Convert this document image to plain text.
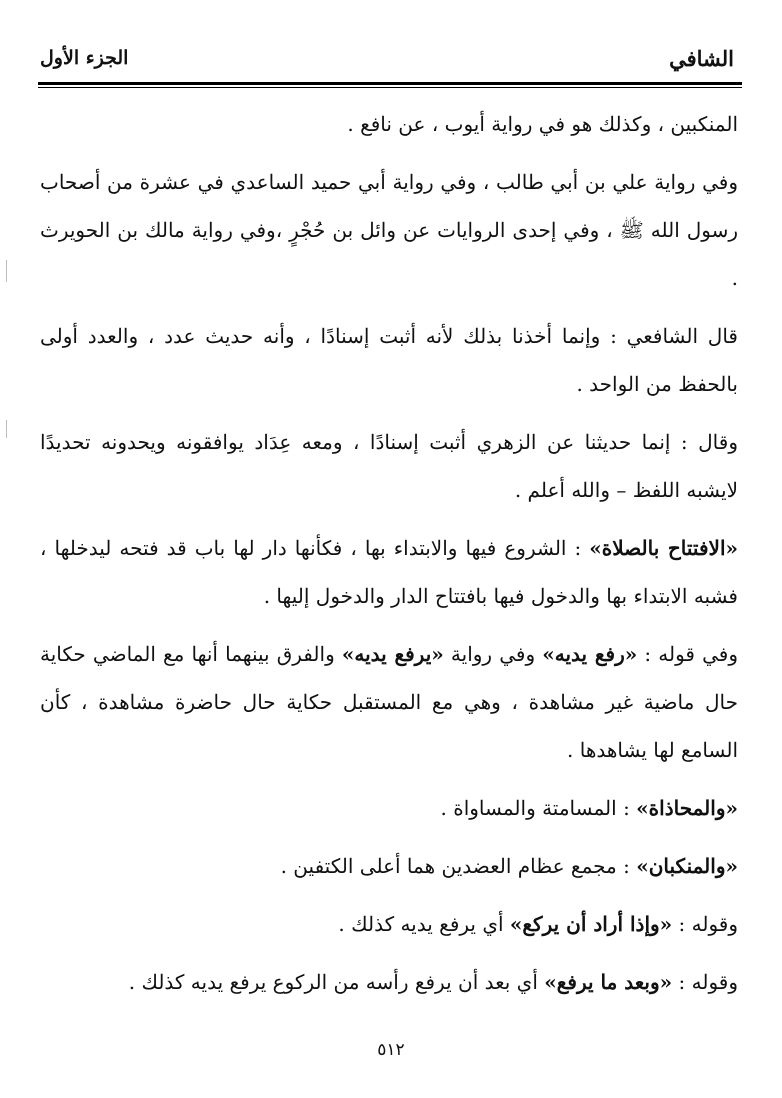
الشافي
الجزء الأول

المنكبين ، وكذلك هو في رواية أيوب ، عن نافع .

وفي رواية علي بن أبي طالب ، وفي رواية أبي حميد الساعدي في عشرة من أصحاب رسول الله ﷺ ، وفي إحدى الروايات عن وائل بن حُجْرٍ ،وفي رواية مالك بن الحويرث .

قال الشافعي : وإنما أخذنا بذلك لأنه أثبت إسنادًا ، وأنه حديث عدد ، والعدد أولى بالحفظ من الواحد .

وقال : إنما حديثنا عن الزهري أثبت إسنادًا ، ومعه عِدَاد يوافقونه ويحدونه تحديدًا لايشبه اللفظ – والله أعلم .

«الافتتاح بالصلاة» : الشروع فيها والابتداء بها ، فكأنها دار لها باب قد فتحه ليدخلها ، فشبه الابتداء بها والدخول فيها بافتتاح الدار والدخول إليها .

وفي قوله : «رفع يديه» وفي رواية «يرفع يديه» والفرق بينهما أنها مع الماضي حكاية حال ماضية غير مشاهدة ، وهي مع المستقبل حكاية حال حاضرة مشاهدة ، كأن السامع لها يشاهدها .

«والمحاذاة» : المسامتة والمساواة .

«والمنكبان» : مجمع عظام العضدين هما أعلى الكتفين .

وقوله : «وإذا أراد أن يركع» أي يرفع يديه كذلك .

وقوله : «وبعد ما يرفع» أي بعد أن يرفع رأسه من الركوع يرفع يديه كذلك .

٥١٢
